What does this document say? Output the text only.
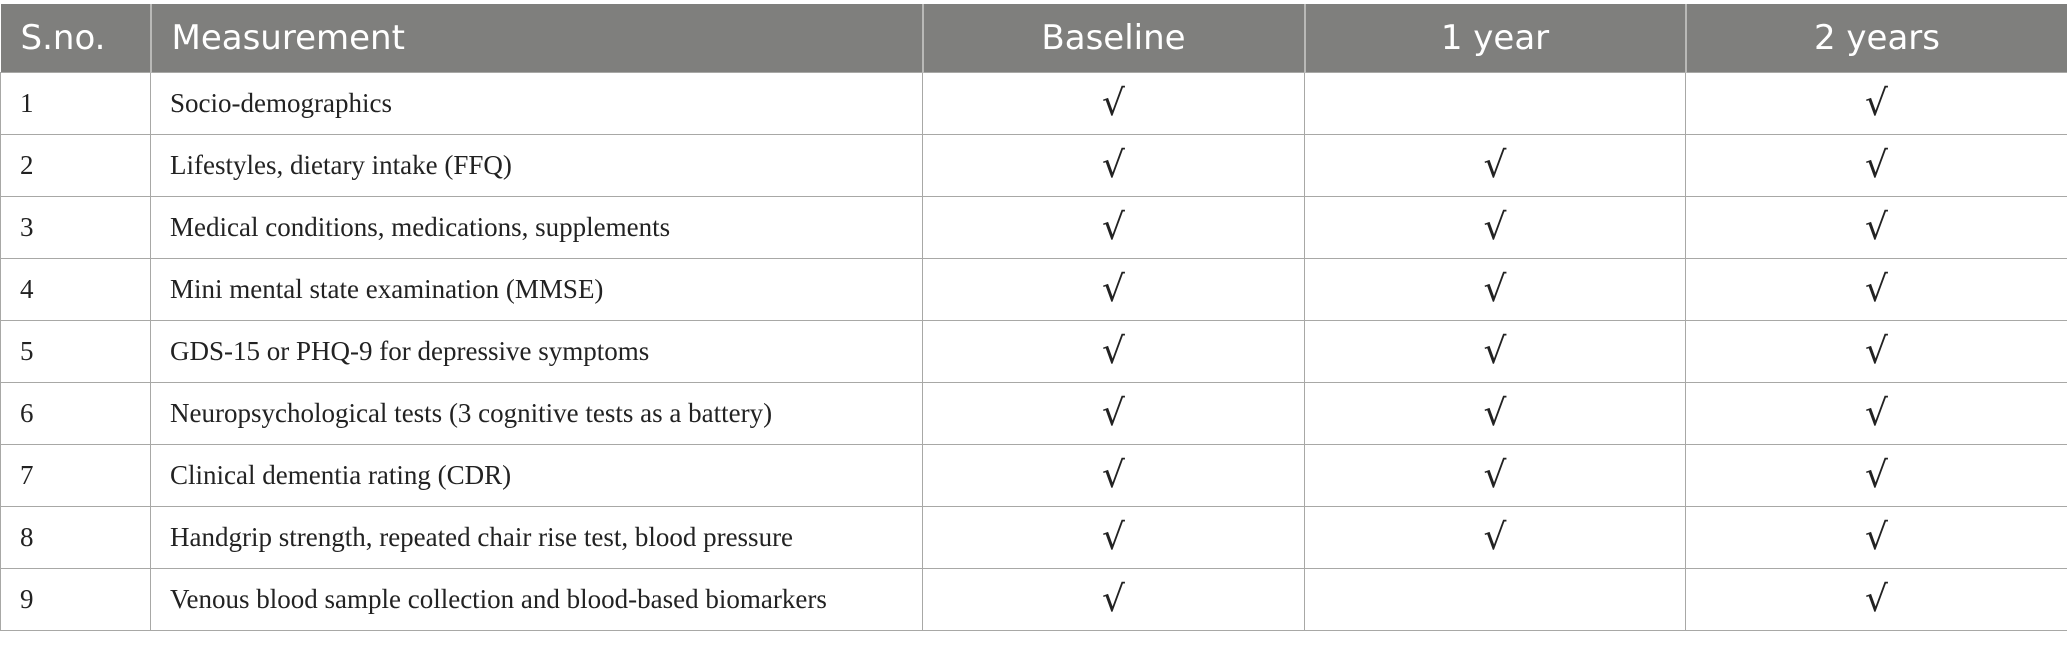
S.no.	Measurement	Baseline	1 year	2 years
1	Socio-demographics	√		√
2	Lifestyles, dietary intake (FFQ)	√	√	√
3	Medical conditions, medications, supplements	√	√	√
4	Mini mental state examination (MMSE)	√	√	√
5	GDS-15 or PHQ-9 for depressive symptoms	√	√	√
6	Neuropsychological tests (3 cognitive tests as a battery)	√	√	√
7	Clinical dementia rating (CDR)	√	√	√
8	Handgrip strength, repeated chair rise test, blood pressure	√	√	√
9	Venous blood sample collection and blood-based biomarkers	√		√
